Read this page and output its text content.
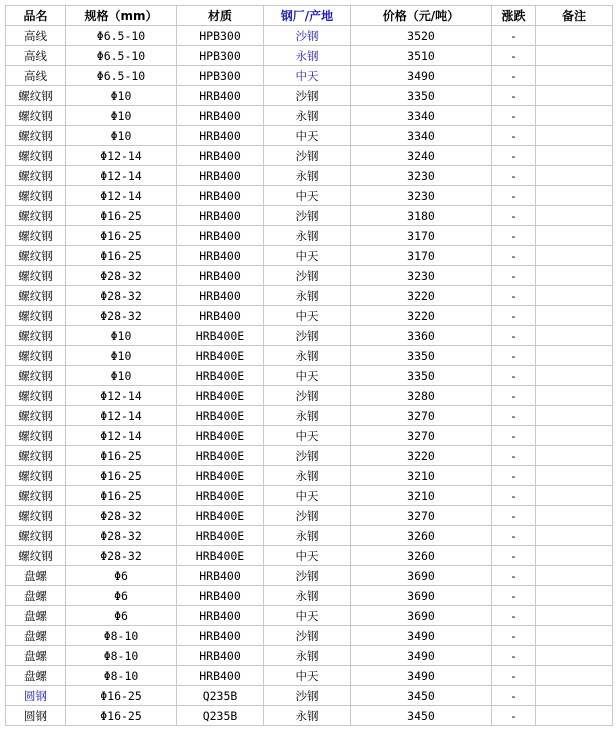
品名	规格（mm）	材质	钢厂/产地	价格（元/吨）	涨跌	备注
高线	Φ6.5-10	HPB300	沙钢	3520	-	
高线	Φ6.5-10	HPB300	永钢	3510	-	
高线	Φ6.5-10	HPB300	中天	3490	-	
螺纹钢	Φ10	HRB400	沙钢	3350	-	
螺纹钢	Φ10	HRB400	永钢	3340	-	
螺纹钢	Φ10	HRB400	中天	3340	-	
螺纹钢	Φ12-14	HRB400	沙钢	3240	-	
螺纹钢	Φ12-14	HRB400	永钢	3230	-	
螺纹钢	Φ12-14	HRB400	中天	3230	-	
螺纹钢	Φ16-25	HRB400	沙钢	3180	-	
螺纹钢	Φ16-25	HRB400	永钢	3170	-	
螺纹钢	Φ16-25	HRB400	中天	3170	-	
螺纹钢	Φ28-32	HRB400	沙钢	3230	-	
螺纹钢	Φ28-32	HRB400	永钢	3220	-	
螺纹钢	Φ28-32	HRB400	中天	3220	-	
螺纹钢	Φ10	HRB400E	沙钢	3360	-	
螺纹钢	Φ10	HRB400E	永钢	3350	-	
螺纹钢	Φ10	HRB400E	中天	3350	-	
螺纹钢	Φ12-14	HRB400E	沙钢	3280	-	
螺纹钢	Φ12-14	HRB400E	永钢	3270	-	
螺纹钢	Φ12-14	HRB400E	中天	3270	-	
螺纹钢	Φ16-25	HRB400E	沙钢	3220	-	
螺纹钢	Φ16-25	HRB400E	永钢	3210	-	
螺纹钢	Φ16-25	HRB400E	中天	3210	-	
螺纹钢	Φ28-32	HRB400E	沙钢	3270	-	
螺纹钢	Φ28-32	HRB400E	永钢	3260	-	
螺纹钢	Φ28-32	HRB400E	中天	3260	-	
盘螺	Φ6	HRB400	沙钢	3690	-	
盘螺	Φ6	HRB400	永钢	3690	-	
盘螺	Φ6	HRB400	中天	3690	-	
盘螺	Φ8-10	HRB400	沙钢	3490	-	
盘螺	Φ8-10	HRB400	永钢	3490	-	
盘螺	Φ8-10	HRB400	中天	3490	-	
圆钢	Φ16-25	Q235B	沙钢	3450	-	
圆钢	Φ16-25	Q235B	永钢	3450	-	
